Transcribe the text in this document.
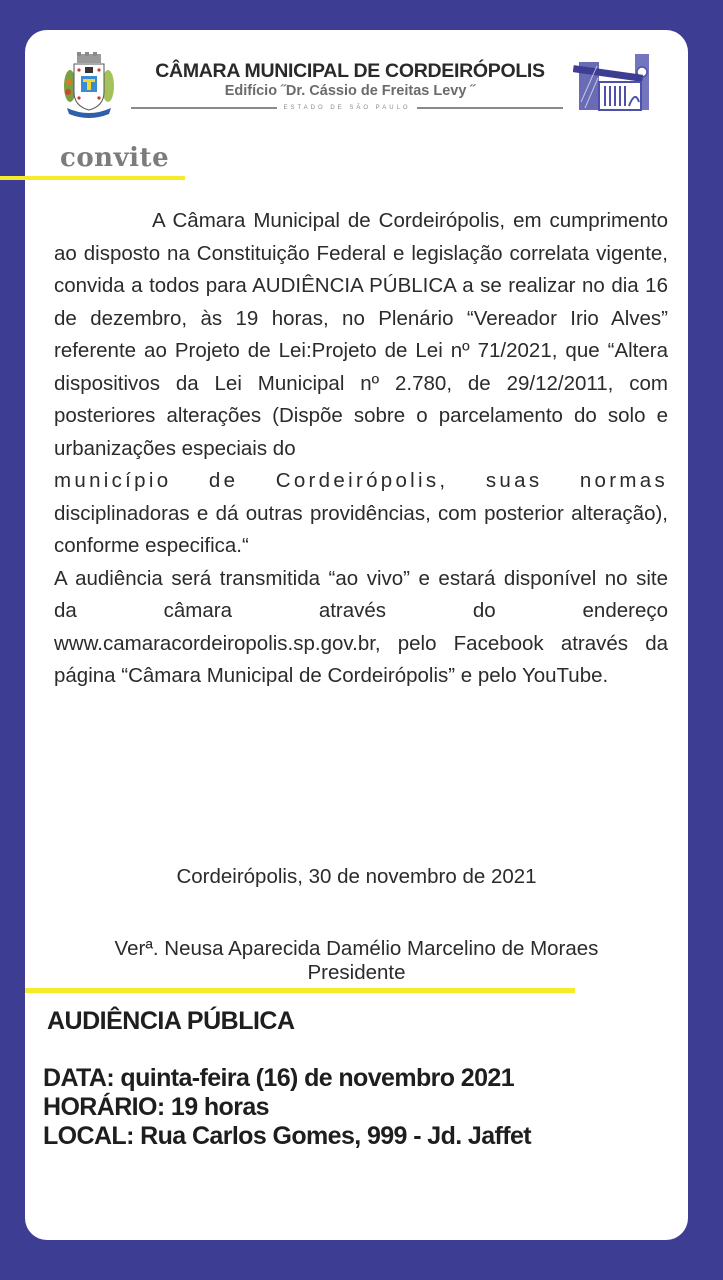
CÂMARA MUNICIPAL DE CORDEIRÓPOLIS
Edifício ˝Dr. Cássio de Freitas Levy ˝
ESTADO DE SÃO PAULO
convite

A Câmara Municipal de Cordeirópolis, em cumprimento ao disposto na Constituição Federal e legislação correlata vigente, convida a todos para AUDIÊNCIA PÚBLICA a se realizar no dia 16 de dezembro, às 19 horas, no Plenário “Vereador Irio Alves” referente ao Projeto de Lei:Projeto de Lei nº 71/2021, que “Altera dispositivos da Lei Municipal nº 2.780, de 29/12/2011, com posteriores alterações (Dispõe sobre o parcelamento do solo e urbanizações especiais do

município de Cordeirópolis, suas normas

disciplinadoras e dá outras providências, com posterior alteração), conforme especifica.“

A audiência será transmitida “ao vivo” e estará disponível no site da câmara através do endereço www.camaracordeiropolis.sp.gov.br, pelo Facebook através da página “Câmara Municipal de Cordeirópolis” e pelo YouTube.

Cordeirópolis, 30 de novembro de 2021
Verª. Neusa Aparecida Damélio Marcelino de Moraes
Presidente
AUDIÊNCIA PÚBLICA
DATA: quinta-feira (16) de novembro 2021
HORÁRIO: 19 horas
LOCAL: Rua Carlos Gomes, 999 - Jd. Jaffet
